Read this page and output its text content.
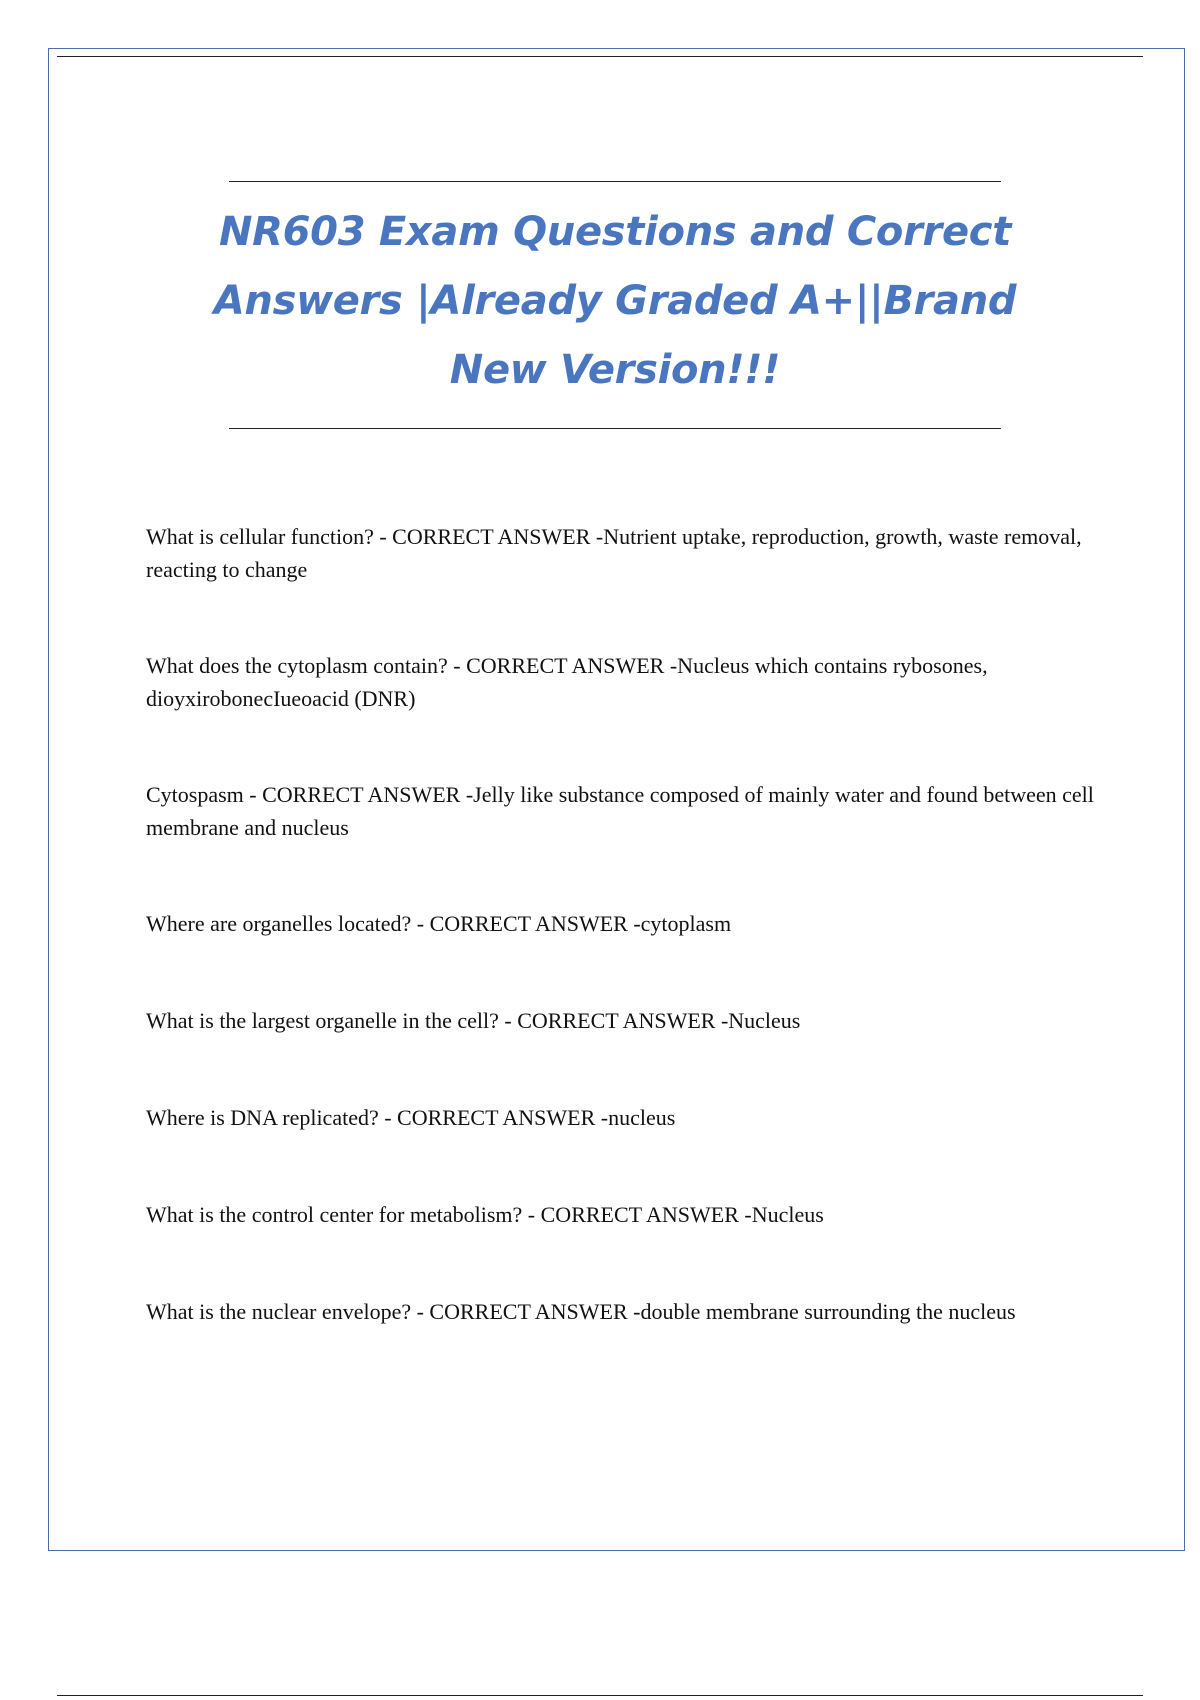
NR603 Exam Questions and Correct Answers |Already Graded A+||Brand New Version!!!
What is cellular function? - CORRECT ANSWER -Nutrient uptake, reproduction, growth, waste removal, reacting to change
What does the cytoplasm contain? - CORRECT ANSWER -Nucleus which contains rybosones, dioyxirobonecIueoacid (DNR)
Cytospasm - CORRECT ANSWER -Jelly like substance composed of mainly water and found between cell membrane and nucleus
Where are organelles located? - CORRECT ANSWER -cytoplasm
What is the largest organelle in the cell? - CORRECT ANSWER -Nucleus
Where is DNA replicated? - CORRECT ANSWER -nucleus
What is the control center for metabolism? - CORRECT ANSWER -Nucleus
What is the nuclear envelope? - CORRECT ANSWER -double membrane surrounding the nucleus
